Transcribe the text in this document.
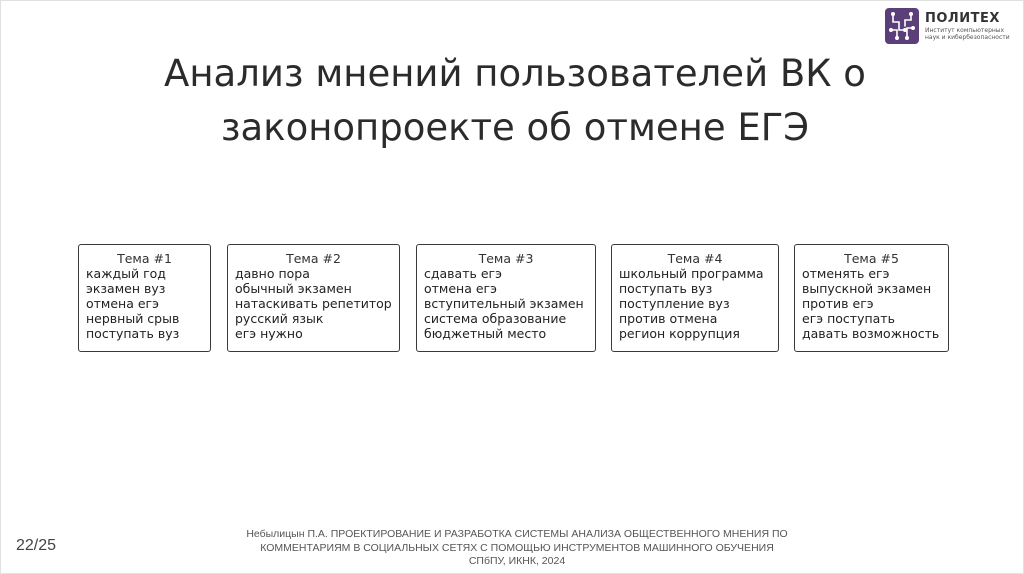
ПОЛИТЕХ
Институт компьютерных наук и кибербезопасности
Анализ мнений пользователей ВК о законопроекте об отмене ЕГЭ
Тема #1
каждый год
экзамен вуз
отмена егэ
нервный срыв
поступать вуз
Тема #2
давно пора
обычный экзамен
натаскивать репетитор
русский язык
егэ нужно
Тема #3
сдавать егэ
отмена егэ
вступительный экзамен
система образование
бюджетный место
Тема #4
школьный программа
поступать вуз
поступление вуз
против отмена
регион коррупция
Тема #5
отменять егэ
выпускной экзамен
против егэ
егэ поступать
давать возможность
22/25
Небылицын П.А. ПРОЕКТИРОВАНИЕ И РАЗРАБОТКА СИСТЕМЫ АНАЛИЗА ОБЩЕСТВЕННОГО МНЕНИЯ ПО
КОММЕНТАРИЯМ В СОЦИАЛЬНЫХ СЕТЯХ С ПОМОЩЬЮ ИНСТРУМЕНТОВ МАШИННОГО ОБУЧЕНИЯ
СПбПУ, ИКНК, 2024
